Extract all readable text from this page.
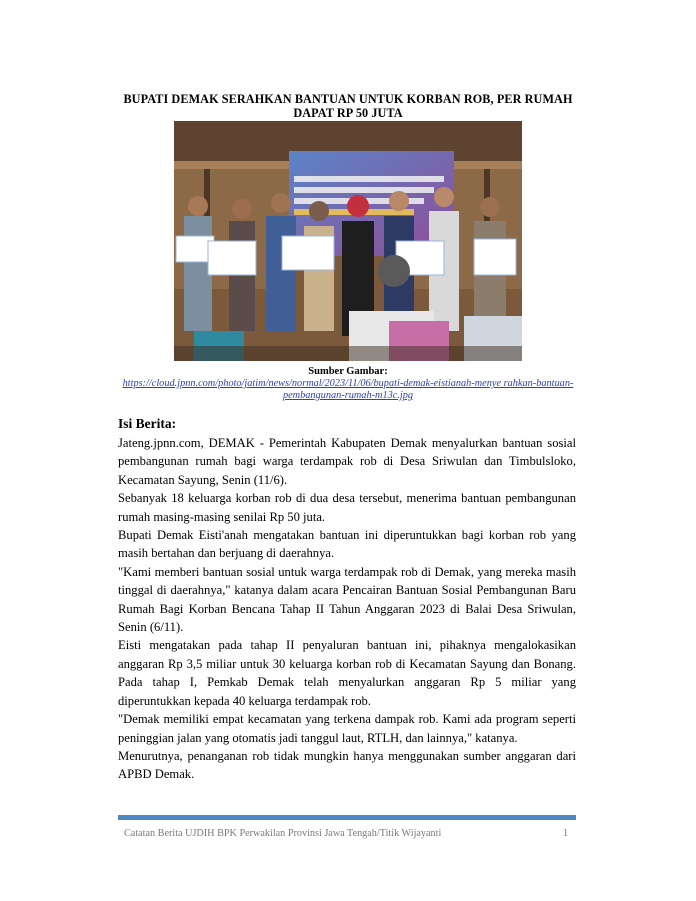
BUPATI DEMAK SERAHKAN BANTUAN UNTUK KORBAN ROB, PER RUMAH DAPAT RP 50 JUTA
Sumber Gambar:
https://cloud.jpnn.com/photo/jatim/news/normal/2023/11/06/bupati-demak-eistianah-menye rahkan-bantuan-pembangunan-rumah-m13c.jpg
Isi Berita:

Jateng.jpnn.com, DEMAK - Pemerintah Kabupaten Demak menyalurkan bantuan sosial pembangunan rumah bagi warga terdampak rob di Desa Sriwulan dan Timbulsloko, Kecamatan Sayung, Senin (11/6).

Sebanyak 18 keluarga korban rob di dua desa tersebut, menerima bantuan pembangunan rumah masing-masing senilai Rp 50 juta.

Bupati Demak Eisti'anah mengatakan bantuan ini diperuntukkan bagi korban rob yang masih bertahan dan berjuang di daerahnya.

"Kami memberi bantuan sosial untuk warga terdampak rob di Demak, yang mereka masih tinggal di daerahnya," katanya dalam acara Pencairan Bantuan Sosial Pembangunan Baru Rumah Bagi Korban Bencana Tahap II Tahun Anggaran 2023 di Balai Desa Sriwulan, Senin (6/11).

Eisti mengatakan pada tahap II penyaluran bantuan ini, pihaknya mengalokasikan anggaran Rp 3,5 miliar untuk 30 keluarga korban rob di Kecamatan Sayung dan Bonang. Pada tahap I, Pemkab Demak telah menyalurkan anggaran Rp 5 miliar yang diperuntukkan kepada 40 keluarga terdampak rob.

"Demak memiliki empat kecamatan yang terkena dampak rob. Kami ada program seperti peninggian jalan yang otomatis jadi tanggul laut, RTLH, dan lainnya," katanya.

Menurutnya, penanganan rob tidak mungkin hanya menggunakan sumber anggaran dari APBD Demak.

Catatan Berita UJDIH BPK Perwakilan Provinsi Jawa Tengah/Titik Wijayanti	1
